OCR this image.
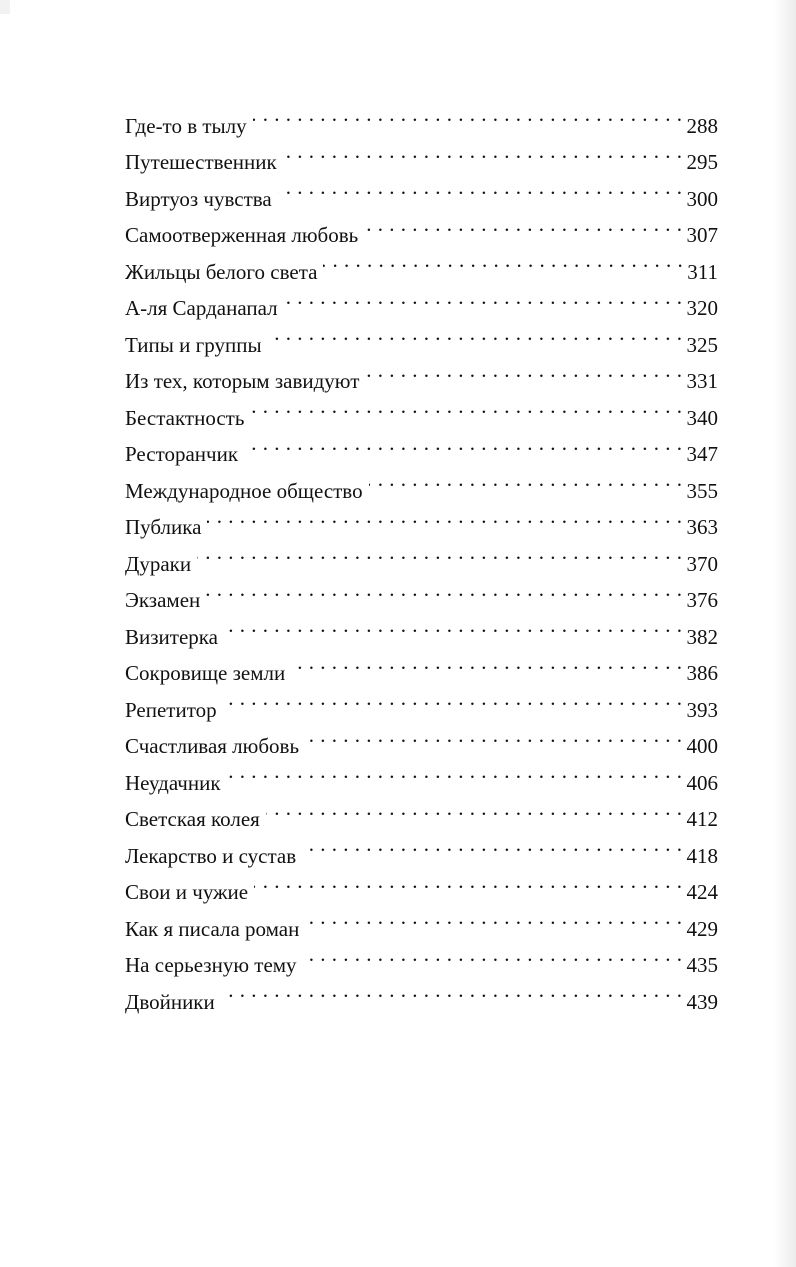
Где-то в тылу . . .	288
Путешественник . . .	295
Виртуоз чувства . . .	300
Самоотверженная любовь . . .	307
Жильцы белого света . . .	311
А-ля Сарданапал . . .	320
Типы и группы . . .	325
Из тех, которым завидуют . . .	331
Бестактность . . .	340
Ресторанчик . . .	347
Международное общество . . .	355
Публика . . .	363
Дураки . . .	370
Экзамен . . .	376
Визитерка . . .	382
Сокровище земли . . .	386
Репетитор . . .	393
Счастливая любовь . . .	400
Неудачник . . .	406
Светская колея . . .	412
Лекарство и сустав . . .	418
Свои и чужие . . .	424
Как я писала роман . . .	429
На серьезную тему . . .	435
Двойники . . .	439
